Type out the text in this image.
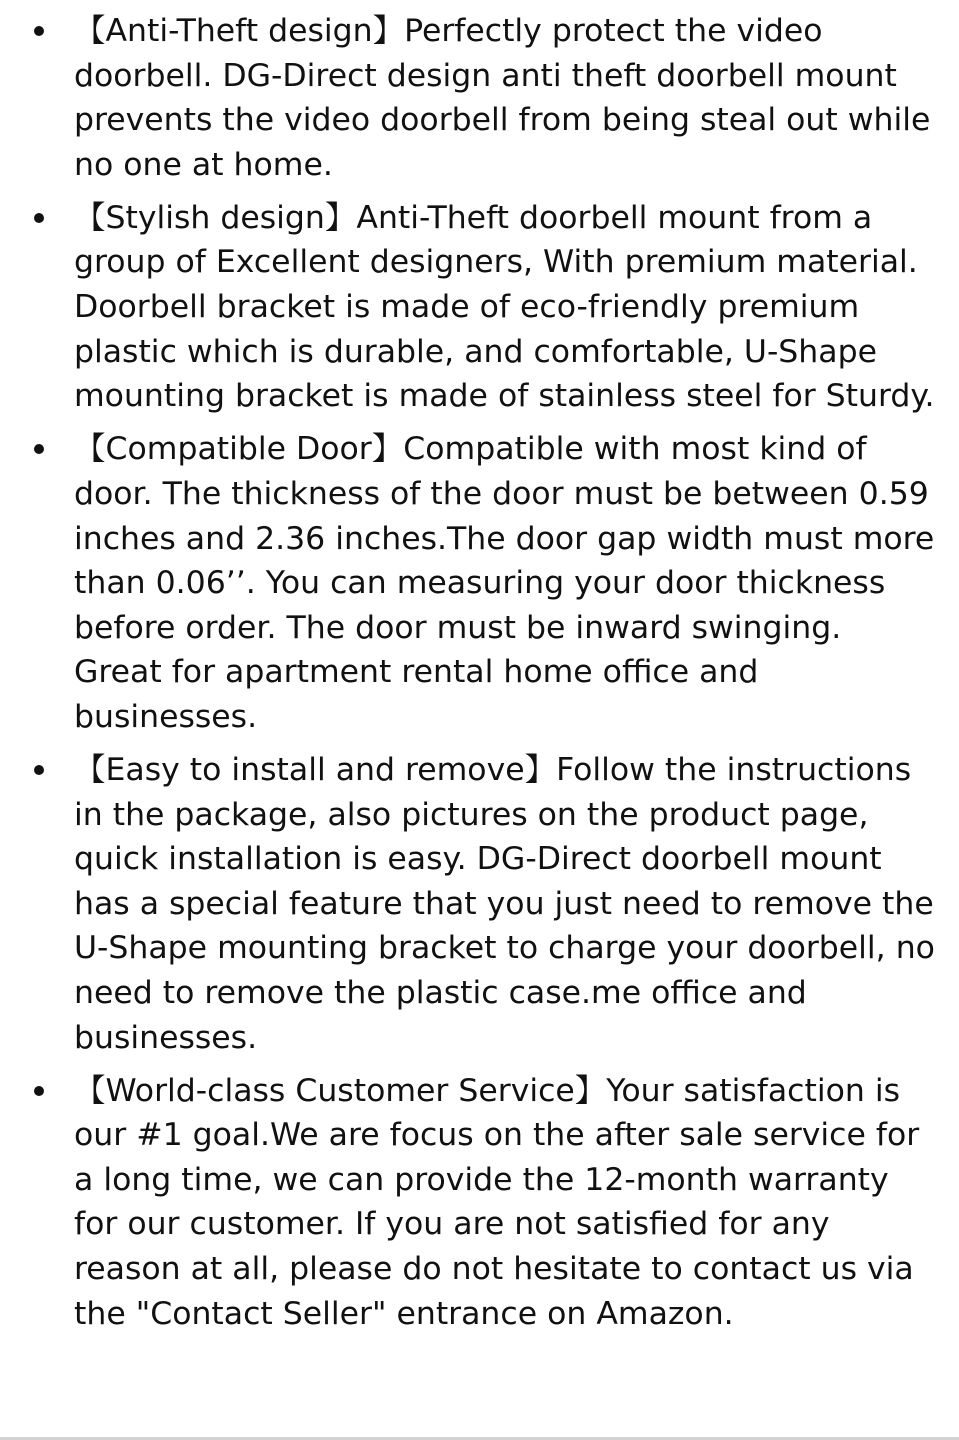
【Anti-Theft design】Perfectly protect the video doorbell. DG-Direct design anti theft doorbell mount prevents the video doorbell from being steal out while no one at home.
【Stylish design】Anti-Theft doorbell mount from a group of Excellent designers, With premium material. Doorbell bracket is made of eco-friendly premium plastic which is durable, and comfortable, U-Shape mounting bracket is made of stainless steel for Sturdy.
【Compatible Door】Compatible with most kind of door. The thickness of the door must be between 0.59 inches and 2.36 inches.The door gap width must more than 0.06’’. You can measuring your door thickness before order. The door must be inward swinging. Great for apartment rental home office and businesses.
【Easy to install and remove】Follow the instructions in the package, also pictures on the product page, quick installation is easy. DG-Direct doorbell mount has a special feature that you just need to remove the U-Shape mounting bracket to charge your doorbell, no need to remove the plastic case.me office and businesses.
【World-class Customer Service】Your satisfaction is our #1 goal.We are focus on the after sale service for a long time, we can provide the 12-month warranty for our customer. If you are not satisfied for any reason at all, please do not hesitate to contact us via the "Contact Seller" entrance on Amazon.
